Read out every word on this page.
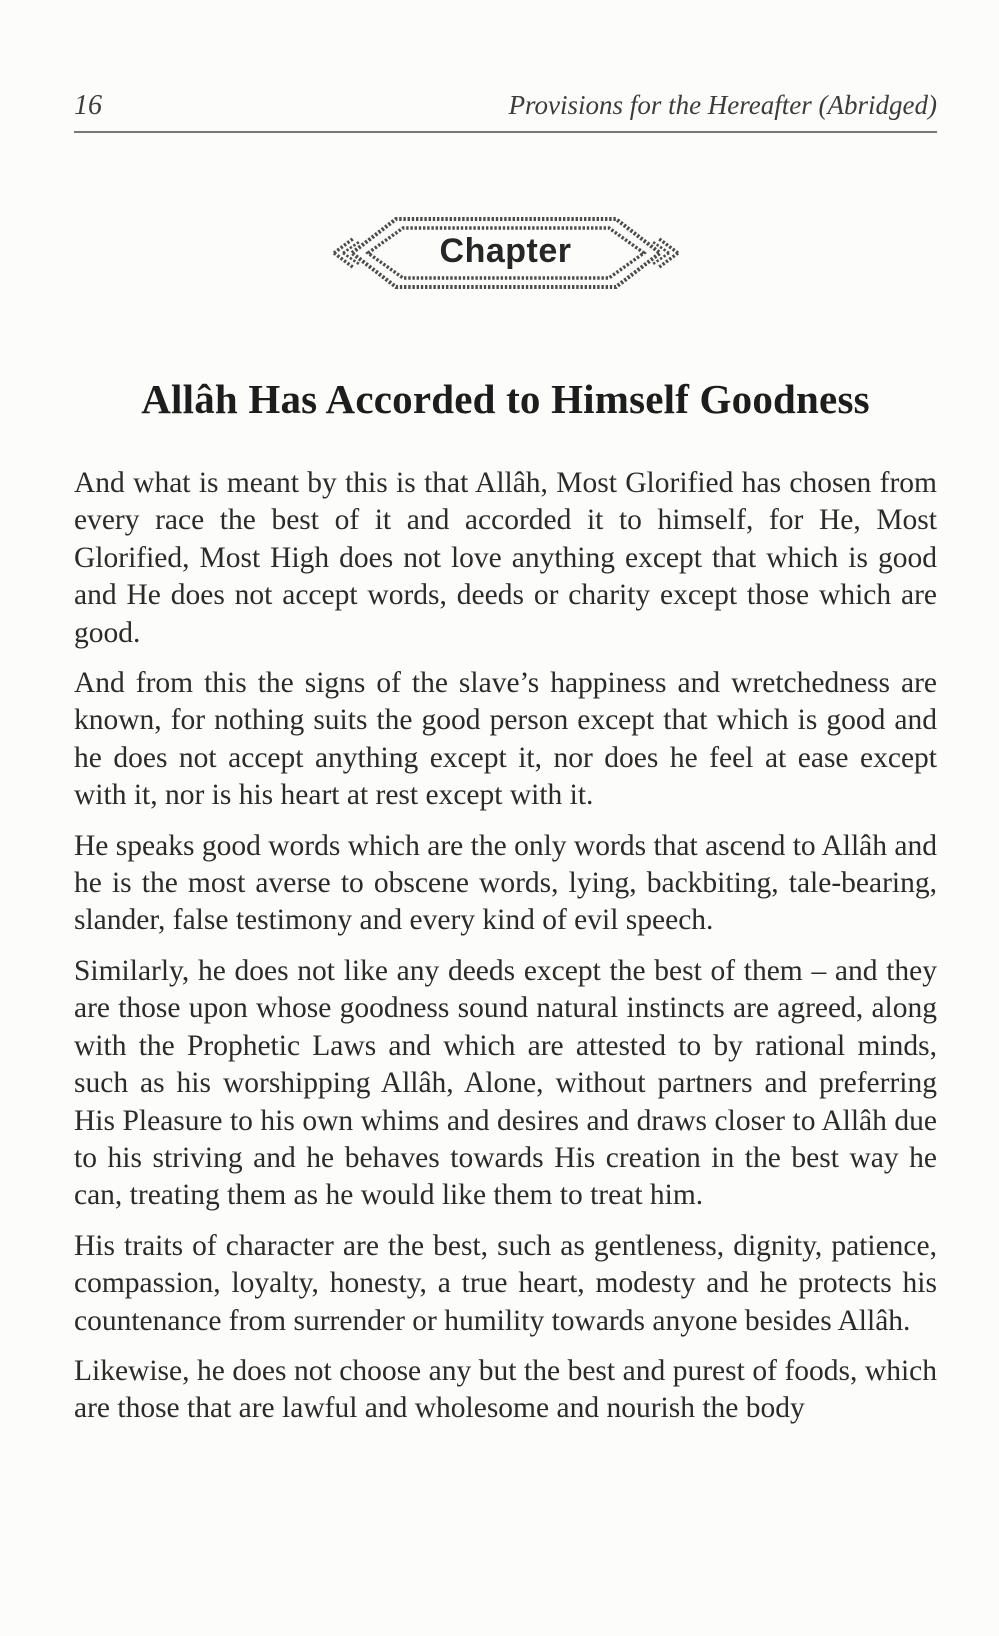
16	Provisions for the Hereafter (Abridged)
Chapter
Allâh Has Accorded to Himself Goodness

And what is meant by this is that Allâh, Most Glorified has chosen from every race the best of it and accorded it to himself, for He, Most Glorified, Most High does not love anything except that which is good and He does not accept words, deeds or charity except those which are good.

And from this the signs of the slave’s happiness and wretchedness are known, for nothing suits the good person except that which is good and he does not accept anything except it, nor does he feel at ease except with it, nor is his heart at rest except with it.

He speaks good words which are the only words that ascend to Allâh and he is the most averse to obscene words, lying, backbiting, tale-bearing, slander, false testimony and every kind of evil speech.

Similarly, he does not like any deeds except the best of them – and they are those upon whose goodness sound natural instincts are agreed, along with the Prophetic Laws and which are attested to by rational minds, such as his worshipping Allâh, Alone, without partners and preferring His Pleasure to his own whims and desires and draws closer to Allâh due to his striving and he behaves towards His creation in the best way he can, treating them as he would like them to treat him.

His traits of character are the best, such as gentleness, dignity, patience, compassion, loyalty, honesty, a true heart, modesty and he protects his countenance from surrender or humility towards anyone besides Allâh.

Likewise, he does not choose any but the best and purest of foods, which are those that are lawful and wholesome and nourish the body
